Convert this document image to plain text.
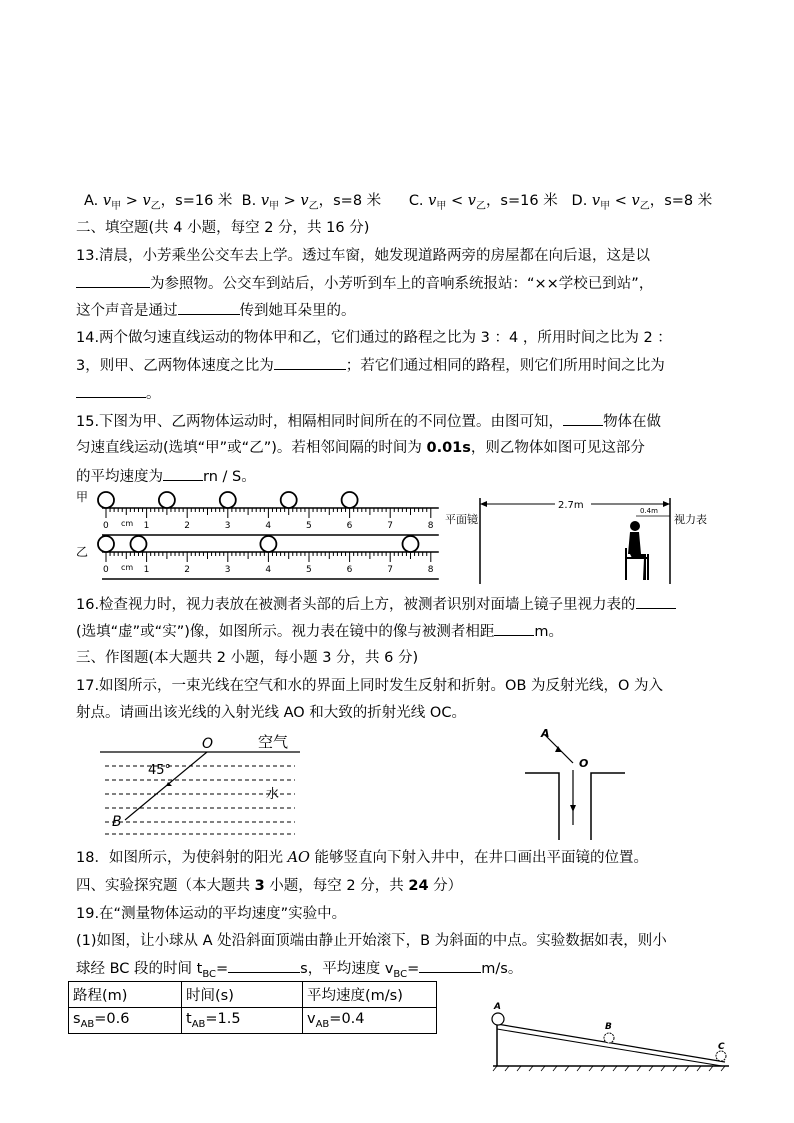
A. $v_甲 > v_乙$，s=16 米 B. $v_甲 > v_乙$，s=8 米 C. $v_甲 < v_乙$，s=16 米 D. $v_甲 < v_乙$，s=8 米
二、填空题(共 4 小题，每空 2 分，共 16 分)
13.清晨，小芳乘坐公交车去上学。透过车窗，她发现道路两旁的房屋都在向后退，这是以
为参照物。公交车到站后，小芳听到车上的音响系统报站：“××学校已到站”，
这个声音是通过	传到她耳朵里的。
14.两个做匀速直线运动的物体甲和乙，它们通过的路程之比为 3 ：4 ，所用时间之比为 2 ：
3，则甲、乙两物体速度之比为	；若它们通过相同的路程，则它们所用时间之比为
。
15.下图为甲、乙两物体运动时，相隔相同时间所在的不同位置。由图可知，	物体在做
匀速直线运动(选填“甲”或“乙”)。若相邻间隔的时间为 0.01s，则乙物体如图可见这部分
的平均速度为	rn / S。
甲
乙
0	1	2	3	4	5	6	7	8
cm
0	1	2	3	4	5	6	7	8
cm
2.7m	0.4m
平面镜	视力表
16.检查视力时，视力表放在被测者头部的后上方，被测者识别对面墙上镜子里视力表的
(选填“虚”或“实”)像，如图所示。视力表在镜中的像与被测者相距	m。
三、作图题(本大题共 2 小题，每小题 3 分，共 6 分)
17.如图所示，一束光线在空气和水的界面上同时发生反射和折射。OB 为反射光线，O 为入
射点。请画出该光线的入射光线 AO 和大致的折射光线 OC。
O	空气
45°
水
B
A
O
18．如图所示，为使斜射的阳光 AO 能够竖直向下射入井中，在井口画出平面镜的位置。
四、实验探究题（本大题共 3 小题，每空 2 分，共 24 分）
19.在“测量物体运动的平均速度”实验中。
(1)如图，让小球从 A 处沿斜面顶端由静止开始滚下，B 为斜面的中点。实验数据如表，则小
球经 BC 段的时间 $t_{BC}=$	s，平均速度 $v_{BC}=$	m/s。
路程(m)	时间(s)	平均速度(m/s)
$s_{AB}=0.6$	$t_{AB}=1.5$	$v_{AB}=0.4$
A
B
C
